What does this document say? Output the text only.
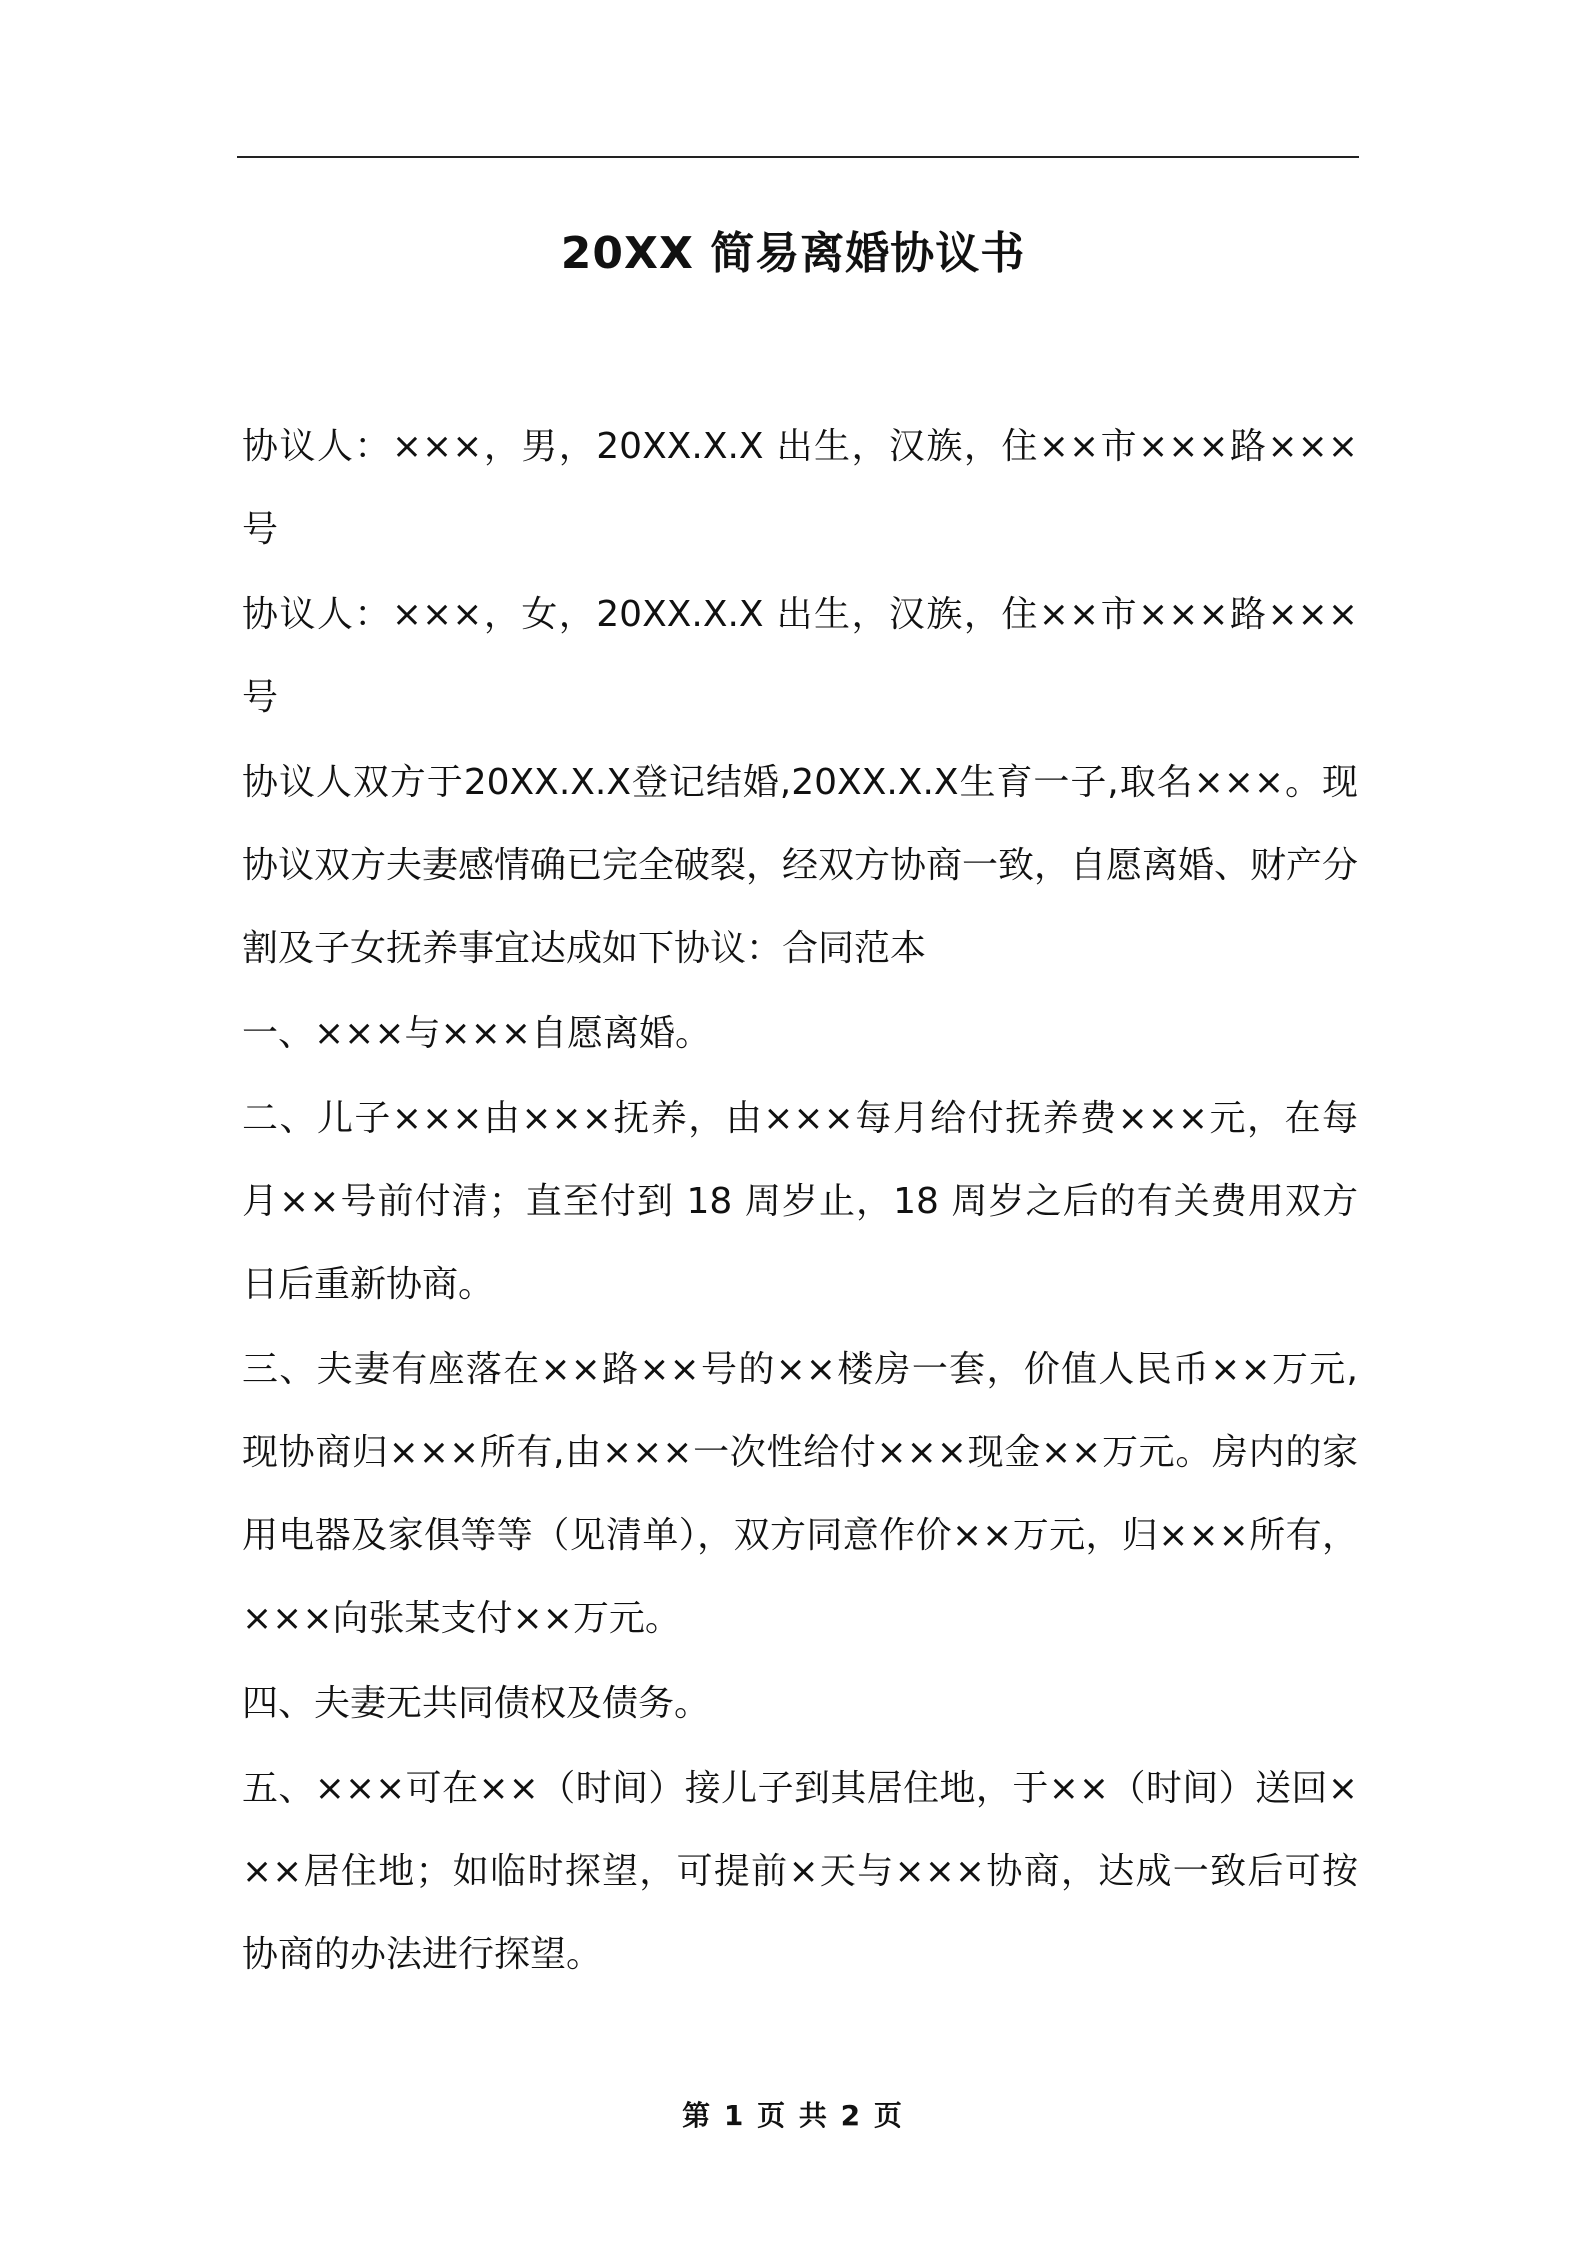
20XX 简易离婚协议书

协议人：×××，男，20XX.X.X 出生，汉族，住××市×××路×××号

协议人：×××，女，20XX.X.X 出生，汉族，住××市×××路×××号

协议人双方于20XX.X.X登记结婚,20XX.X.X生育一子,取名×××。现协议双方夫妻感情确已完全破裂，经双方协商一致，自愿离婚、财产分割及子女抚养事宜达成如下协议：合同范本

一、×××与×××自愿离婚。

二、儿子×××由×××抚养，由×××每月给付抚养费×××元，在每月××号前付清；直至付到 18 周岁止，18 周岁之后的有关费用双方日后重新协商。

三、夫妻有座落在××路××号的××楼房一套，价值人民币××万元,现协商归×××所有,由×××一次性给付×××现金××万元。房内的家用电器及家俱等等（见清单），双方同意作价××万元，归×××所有，×××向张某支付××万元。

四、夫妻无共同债权及债务。

五、×××可在××（时间）接儿子到其居住地，于××（时间）送回×××居住地；如临时探望，可提前×天与×××协商，达成一致后可按协商的办法进行探望。

第 1 页 共 2 页
